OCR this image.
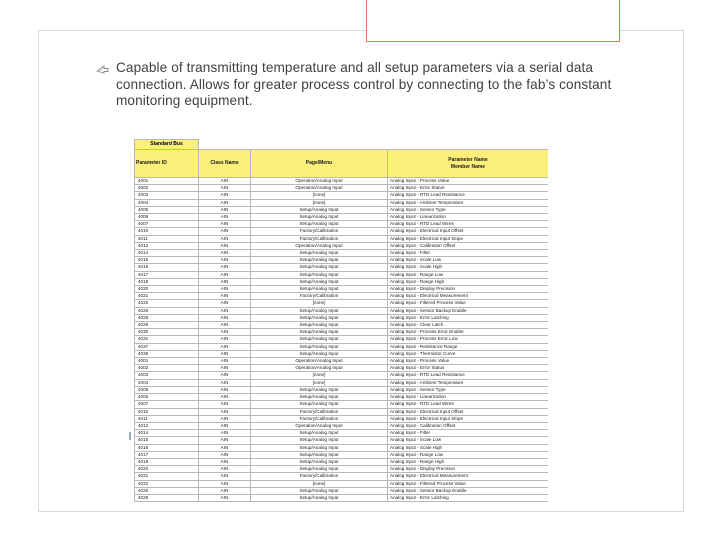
Capable of transmitting temperature and all setup parameters via a serial data connection. Allows for greater process control by connecting to the fab’s constant monitoring equipment.
Standard Bus			
Parameter ID	Class Name	Page/Menu	Parameter Name
Member Name
4001	AIN	Operation/Analog Input	Analog Input - Process Value
4002	AIN	Operation/Analog Input	Analog Input - Error Status
4003	AIN	[none]	Analog Input - RTD Lead Resistance
4004	AIN	[none]	Analog Input - Ambient Temperature
4005	AIN	Setup/Analog Input	Analog Input - Sensor Type
4006	AIN	Setup/Analog Input	Analog Input - Linearization
4007	AIN	Setup/Analog Input	Analog Input - RTD Lead Wires
4010	AIN	Factory/Calibration	Analog Input - Electrical Input Offset
4011	AIN	Factory/Calibration	Analog Input - Electrical Input Slope
4012	AIN	Operation/Analog Input	Analog Input - Calibration Offset
4014	AIN	Setup/Analog Input	Analog Input - Filter
4015	AIN	Setup/Analog Input	Analog Input - Scale Low
4016	AIN	Setup/Analog Input	Analog Input - Scale High
4017	AIN	Setup/Analog Input	Analog Input - Range Low
4018	AIN	Setup/Analog Input	Analog Input - Range High
4020	AIN	Setup/Analog Input	Analog Input - Display Precision
4021	AIN	Factory/Calibration	Analog Input - Electrical Measurement
4022	AIN	[none]	Analog Input - Filtered Process Value
4026	AIN	Setup/Analog Input	Analog Input - Sensor Backup Enable
4028	AIN	Setup/Analog Input	Analog Input - Error Latching
4029	AIN	Setup/Analog Input	Analog Input - Clear Latch
4030	AIN	Setup/Analog Input	Analog Input - Process Error Enable
4031	AIN	Setup/Analog Input	Analog Input - Process Error Low
4037	AIN	Setup/Analog Input	Analog Input - Resistance Range
4038	AIN	Setup/Analog Input	Analog Input - Thermistor Curve
4001	AIN	Operation/Analog Input	Analog Input - Process Value
4002	AIN	Operation/Analog Input	Analog Input - Error Status
4003	AIN	[none]	Analog Input - RTD Lead Resistance
4004	AIN	[none]	Analog Input - Ambient Temperature
4005	AIN	Setup/Analog Input	Analog Input - Sensor Type
4006	AIN	Setup/Analog Input	Analog Input - Linearization
4007	AIN	Setup/Analog Input	Analog Input - RTD Lead Wires
4010	AIN	Factory/Calibration	Analog Input - Electrical Input Offset
4011	AIN	Factory/Calibration	Analog Input - Electrical Input Slope
4012	AIN	Operation/Analog Input	Analog Input - Calibration Offset
4014	AIN	Setup/Analog Input	Analog Input - Filter
4015	AIN	Setup/Analog Input	Analog Input - Scale Low
4016	AIN	Setup/Analog Input	Analog Input - Scale High
4017	AIN	Setup/Analog Input	Analog Input - Range Low
4018	AIN	Setup/Analog Input	Analog Input - Range High
4020	AIN	Setup/Analog Input	Analog Input - Display Precision
4021	AIN	Factory/Calibration	Analog Input - Electrical Measurement
4022	AIN	[none]	Analog Input - Filtered Process Value
4026	AIN	Setup/Analog Input	Analog Input - Sensor Backup Enable
4028	AIN	Setup/Analog Input	Analog Input - Error Latching
